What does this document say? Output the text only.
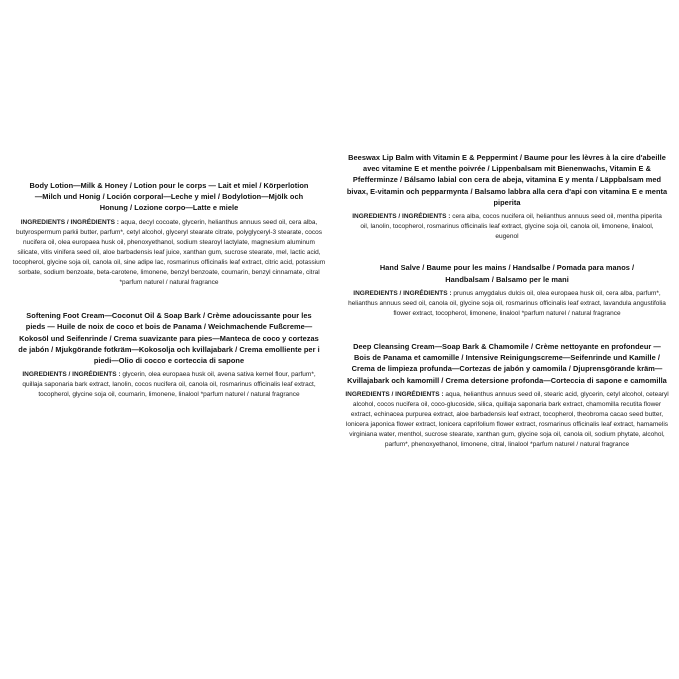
Body Lotion—Milk & Honey / Lotion pour le corps — Lait et miel / Körperlotion—Milch und Honig / Loción corporal—Leche y miel / Bodylotion—Mjölk och Honung / Lozione corpo—Latte e miele
INGREDIENTS / INGRÉDIENTS : aqua, decyl cocoate, glycerin, helianthus annuus seed oil, cera alba, butyrospermum parkii butter, parfum*, cetyl alcohol, glyceryl stearate citrate, polyglyceryl-3 stearate, cocos nucifera oil, olea europaea husk oil, phenoxyethanol, sodium stearoyl lactylate, magnesium aluminum silicate, vitis vinifera seed oil, aloe barbadensis leaf juice, xanthan gum, sucrose stearate, mel, lactic acid, tocopherol, glycine soja oil, canola oil, sine adipe lac, rosmarinus officinalis leaf extract, citric acid, potassium sorbate, sodium benzoate, beta-carotene, limonene, benzyl benzoate, coumarin, benzyl cinnamate, citral *parfum naturel / natural fragrance
Softening Foot Cream—Coconut Oil & Soap Bark / Crème adoucissante pour les pieds — Huile de noix de coco et bois de Panama / Weichmachende Fußcreme—Kokosöl und Seifenrinde / Crema suavizante para pies—Manteca de coco y cortezas de jabón / Mjukgörande fotkräm—Kokosolja och kvillajabark / Crema emolliente per i piedi—Olio di cocco e corteccia di sapone
INGREDIENTS / INGRÉDIENTS : glycerin, olea europaea husk oil, avena sativa kernel flour, parfum*, quillaja saponaria bark extract, lanolin, cocos nucifera oil, canola oil, rosmarinus officinalis leaf extract, tocopherol, glycine soja oil, coumarin, limonene, linalool *parfum naturel / natural fragrance
Beeswax Lip Balm with Vitamin E & Peppermint / Baume pour les lèvres à la cire d'abeille avec vitamine E et menthe poivrée / Lippenbalsam mit Bienenwachs, Vitamin E & Pfefferminze / Bálsamo labial con cera de abeja, vitamina E y menta / Läppbalsam med bivax, E-vitamin och pepparmynta / Balsamo labbra alla cera d'api con vitamina E e menta piperita
INGREDIENTS / INGRÉDIENTS : cera alba, cocos nucifera oil, helianthus annuus seed oil, mentha piperita oil, lanolin, tocopherol, rosmarinus officinalis leaf extract, glycine soja oil, canola oil, limonene, linalool, eugenol
Hand Salve / Baume pour les mains / Handsalbe / Pomada para manos / Handbalsam / Balsamo per le mani
INGREDIENTS / INGRÉDIENTS : prunus amygdalus dulcis oil, olea europaea husk oil, cera alba, parfum*, helianthus annuus seed oil, canola oil, glycine soja oil, rosmarinus officinalis leaf extract, lavandula angustifolia flower extract, tocopherol, limonene, linalool *parfum naturel / natural fragrance
Deep Cleansing Cream—Soap Bark & Chamomile / Crème nettoyante en profondeur — Bois de Panama et camomille / Intensive Reinigungscreme—Seifenrinde und Kamille / Crema de limpieza profunda—Cortezas de jabón y camomila / Djuprensgörande kräm—Kvillajabark och kamomill / Crema detersione profonda—Corteccia di sapone e camomilla
INGREDIENTS / INGRÉDIENTS : aqua, helianthus annuus seed oil, stearic acid, glycerin, cetyl alcohol, cetearyl alcohol, cocos nucifera oil, coco-glucoside, silica, quillaja saponaria bark extract, chamomilla recutita flower extract, echinacea purpurea extract, aloe barbadensis leaf extract, tocopherol, theobroma cacao seed butter, lonicera japonica flower extract, lonicera caprifolium flower extract, rosmarinus officinalis leaf extract, hamamelis virginiana water, menthol, sucrose stearate, xanthan gum, glycine soja oil, canola oil, sodium phytate, alcohol, parfum*, phenoxyethanol, limonene, citral, linalool *parfum naturel / natural fragrance
